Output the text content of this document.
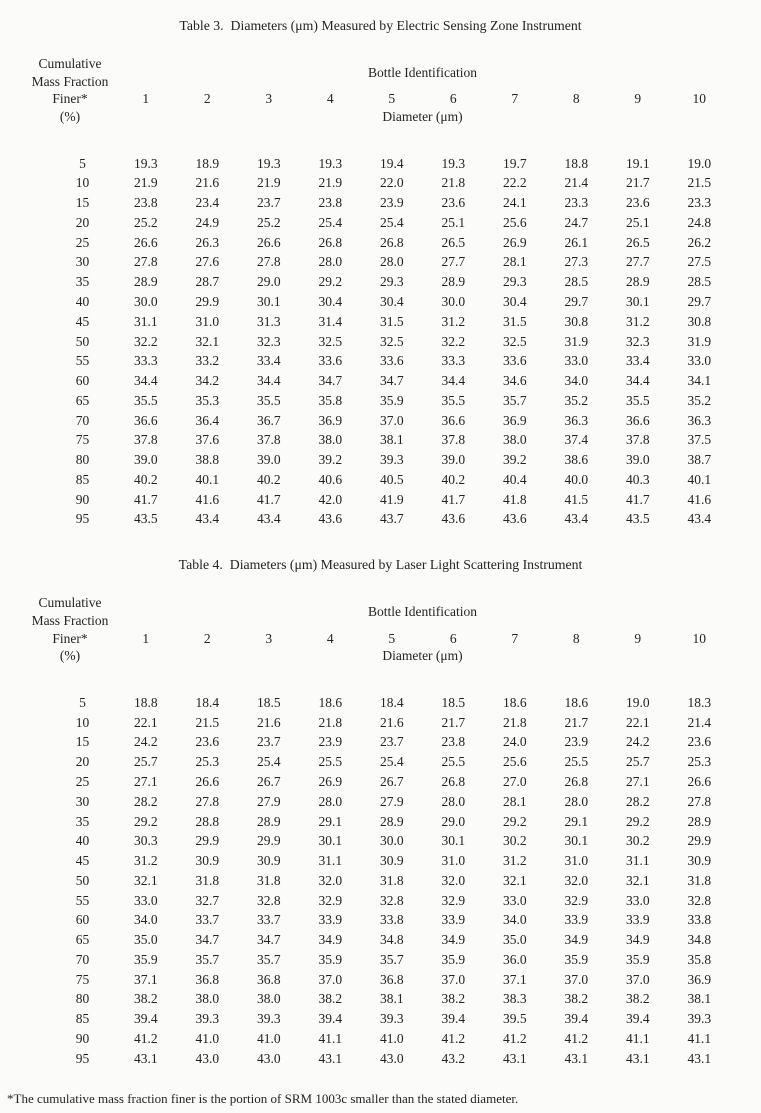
Table 3.  Diameters (μm) Measured by Electric Sensing Zone Instrument
Bottle Identification
Cumulative
Mass Fraction
Finer*	1	2	3	4	5	6	7	8	9	10
(%)	Diameter (μm)
5	19.3	18.9	19.3	19.3	19.4	19.3	19.7	18.8	19.1	19.0
10	21.9	21.6	21.9	21.9	22.0	21.8	22.2	21.4	21.7	21.5
15	23.8	23.4	23.7	23.8	23.9	23.6	24.1	23.3	23.6	23.3
20	25.2	24.9	25.2	25.4	25.4	25.1	25.6	24.7	25.1	24.8
25	26.6	26.3	26.6	26.8	26.8	26.5	26.9	26.1	26.5	26.2
30	27.8	27.6	27.8	28.0	28.0	27.7	28.1	27.3	27.7	27.5
35	28.9	28.7	29.0	29.2	29.3	28.9	29.3	28.5	28.9	28.5
40	30.0	29.9	30.1	30.4	30.4	30.0	30.4	29.7	30.1	29.7
45	31.1	31.0	31.3	31.4	31.5	31.2	31.5	30.8	31.2	30.8
50	32.2	32.1	32.3	32.5	32.5	32.2	32.5	31.9	32.3	31.9
55	33.3	33.2	33.4	33.6	33.6	33.3	33.6	33.0	33.4	33.0
60	34.4	34.2	34.4	34.7	34.7	34.4	34.6	34.0	34.4	34.1
65	35.5	35.3	35.5	35.8	35.9	35.5	35.7	35.2	35.5	35.2
70	36.6	36.4	36.7	36.9	37.0	36.6	36.9	36.3	36.6	36.3
75	37.8	37.6	37.8	38.0	38.1	37.8	38.0	37.4	37.8	37.5
80	39.0	38.8	39.0	39.2	39.3	39.0	39.2	38.6	39.0	38.7
85	40.2	40.1	40.2	40.6	40.5	40.2	40.4	40.0	40.3	40.1
90	41.7	41.6	41.7	42.0	41.9	41.7	41.8	41.5	41.7	41.6
95	43.5	43.4	43.4	43.6	43.7	43.6	43.6	43.4	43.5	43.4
Table 4.  Diameters (μm) Measured by Laser Light Scattering Instrument
Bottle Identification
Cumulative
Mass Fraction
Finer*	1	2	3	4	5	6	7	8	9	10
(%)	Diameter (μm)
5	18.8	18.4	18.5	18.6	18.4	18.5	18.6	18.6	19.0	18.3
10	22.1	21.5	21.6	21.8	21.6	21.7	21.8	21.7	22.1	21.4
15	24.2	23.6	23.7	23.9	23.7	23.8	24.0	23.9	24.2	23.6
20	25.7	25.3	25.4	25.5	25.4	25.5	25.6	25.5	25.7	25.3
25	27.1	26.6	26.7	26.9	26.7	26.8	27.0	26.8	27.1	26.6
30	28.2	27.8	27.9	28.0	27.9	28.0	28.1	28.0	28.2	27.8
35	29.2	28.8	28.9	29.1	28.9	29.0	29.2	29.1	29.2	28.9
40	30.3	29.9	29.9	30.1	30.0	30.1	30.2	30.1	30.2	29.9
45	31.2	30.9	30.9	31.1	30.9	31.0	31.2	31.0	31.1	30.9
50	32.1	31.8	31.8	32.0	31.8	32.0	32.1	32.0	32.1	31.8
55	33.0	32.7	32.8	32.9	32.8	32.9	33.0	32.9	33.0	32.8
60	34.0	33.7	33.7	33.9	33.8	33.9	34.0	33.9	33.9	33.8
65	35.0	34.7	34.7	34.9	34.8	34.9	35.0	34.9	34.9	34.8
70	35.9	35.7	35.7	35.9	35.7	35.9	36.0	35.9	35.9	35.8
75	37.1	36.8	36.8	37.0	36.8	37.0	37.1	37.0	37.0	36.9
80	38.2	38.0	38.0	38.2	38.1	38.2	38.3	38.2	38.2	38.1
85	39.4	39.3	39.3	39.4	39.3	39.4	39.5	39.4	39.4	39.3
90	41.2	41.0	41.0	41.1	41.0	41.2	41.2	41.2	41.1	41.1
95	43.1	43.0	43.0	43.1	43.0	43.2	43.1	43.1	43.1	43.1
*The cumulative mass fraction finer is the portion of SRM 1003c smaller than the stated diameter.
